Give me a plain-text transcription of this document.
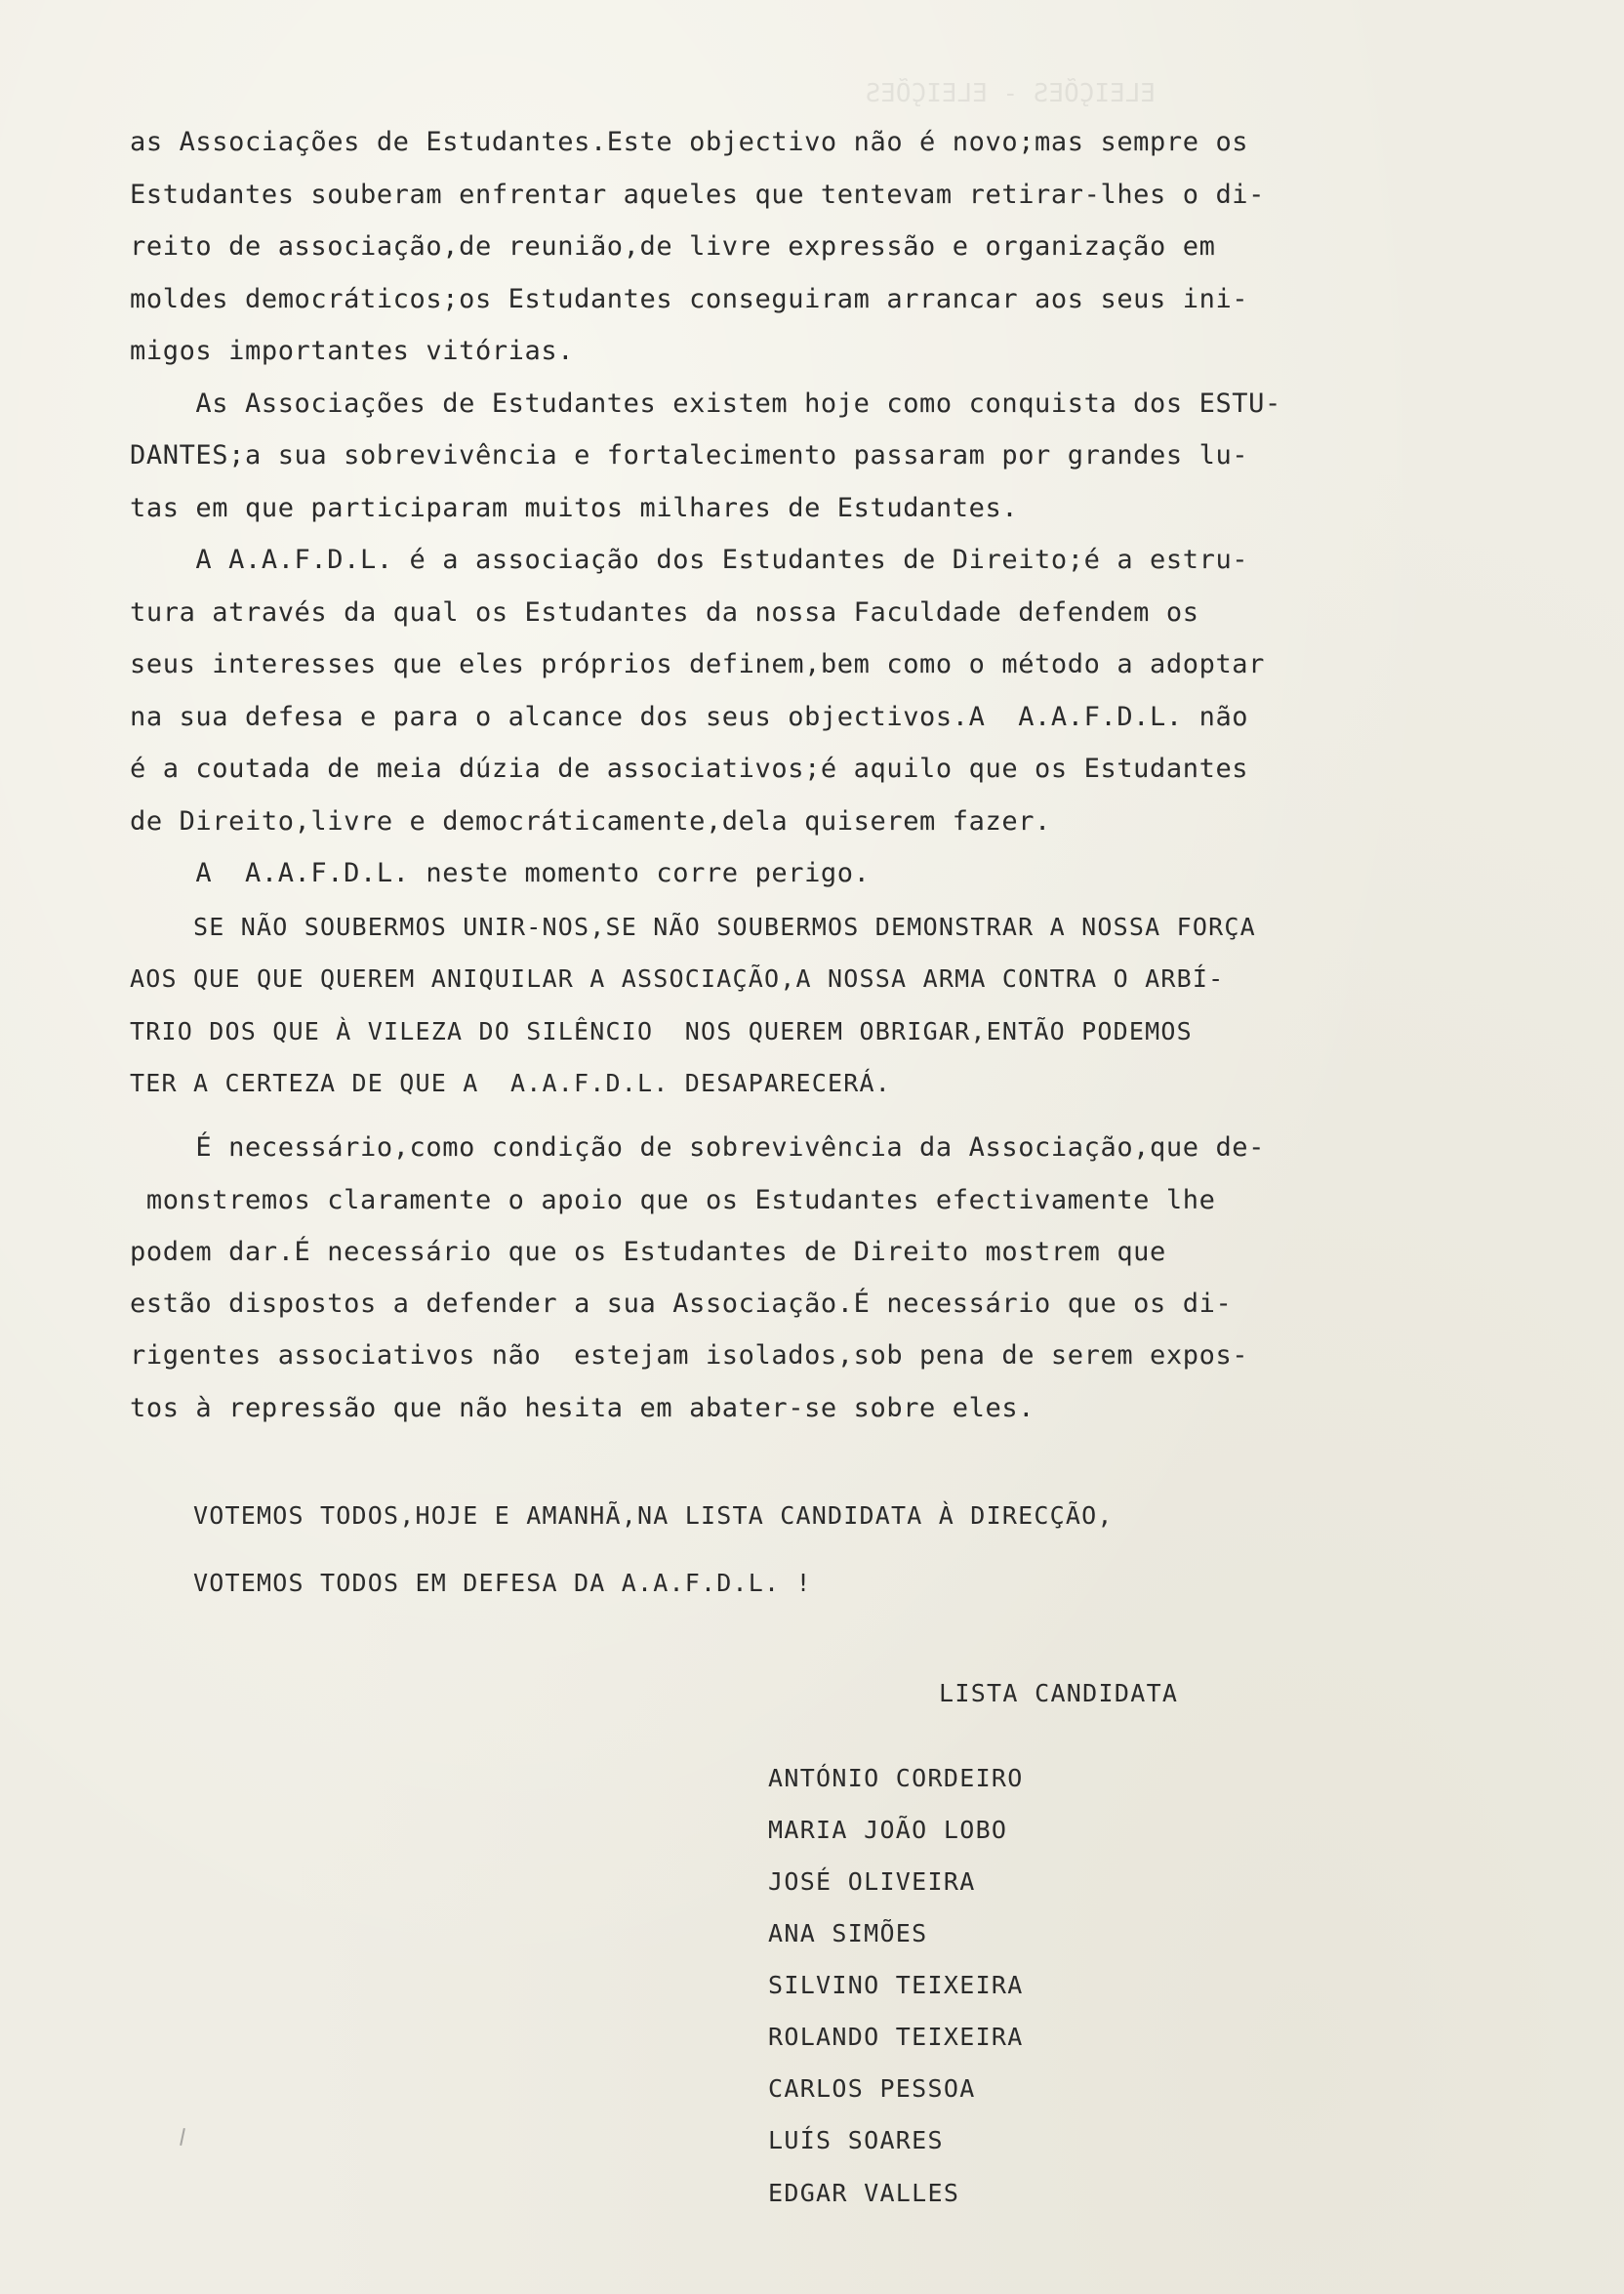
ELEIÇÕES - ELEIÇÕES
as Associações de Estudantes.Este objectivo não é novo;mas sempre os
Estudantes souberam enfrentar aqueles que tentevam retirar-lhes o di-
reito de associação,de reunião,de livre expressão e organização em
moldes democráticos;os Estudantes conseguiram arrancar aos seus ini-
migos importantes vitórias.
As Associações de Estudantes existem hoje como conquista dos ESTU-
DANTES;a sua sobrevivência e fortalecimento passaram por grandes lu-
tas em que participaram muitos milhares de Estudantes.
A A.A.F.D.L. é a associação dos Estudantes de Direito;é a estru-
tura através da qual os Estudantes da nossa Faculdade defendem os
seus interesses que eles próprios definem,bem como o método a adoptar
na sua defesa e para o alcance dos seus objectivos.A  A.A.F.D.L. não
é a coutada de meia dúzia de associativos;é aquilo que os Estudantes
de Direito,livre e democráticamente,dela quiserem fazer.
A  A.A.F.D.L. neste momento corre perigo.
SE NÃO SOUBERMOS UNIR-NOS,SE NÃO SOUBERMOS DEMONSTRAR A NOSSA FORÇA
AOS QUE QUE QUEREM ANIQUILAR A ASSOCIAÇÃO,A NOSSA ARMA CONTRA O ARBÍ-
TRIO DOS QUE À VILEZA DO SILÊNCIO  NOS QUEREM OBRIGAR,ENTÃO PODEMOS
TER A CERTEZA DE QUE A  A.A.F.D.L. DESAPARECERÁ.
É necessário,como condição de sobrevivência da Associação,que de-
monstremos claramente o apoio que os Estudantes efectivamente lhe
podem dar.É necessário que os Estudantes de Direito mostrem que
estão dispostos a defender a sua Associação.É necessário que os di-
rigentes associativos não  estejam isolados,sob pena de serem expos-
tos à repressão que não hesita em abater-se sobre eles.
VOTEMOS TODOS,HOJE E AMANHÃ,NA LISTA CANDIDATA À DIRECÇÃO,
VOTEMOS TODOS EM DEFESA DA A.A.F.D.L. !
LISTA CANDIDATA
ANTÓNIO CORDEIRO
MARIA JOÃO LOBO
JOSÉ OLIVEIRA
ANA SIMÕES
SILVINO TEIXEIRA
ROLANDO TEIXEIRA
CARLOS PESSOA
LUÍS SOARES
EDGAR VALLES
